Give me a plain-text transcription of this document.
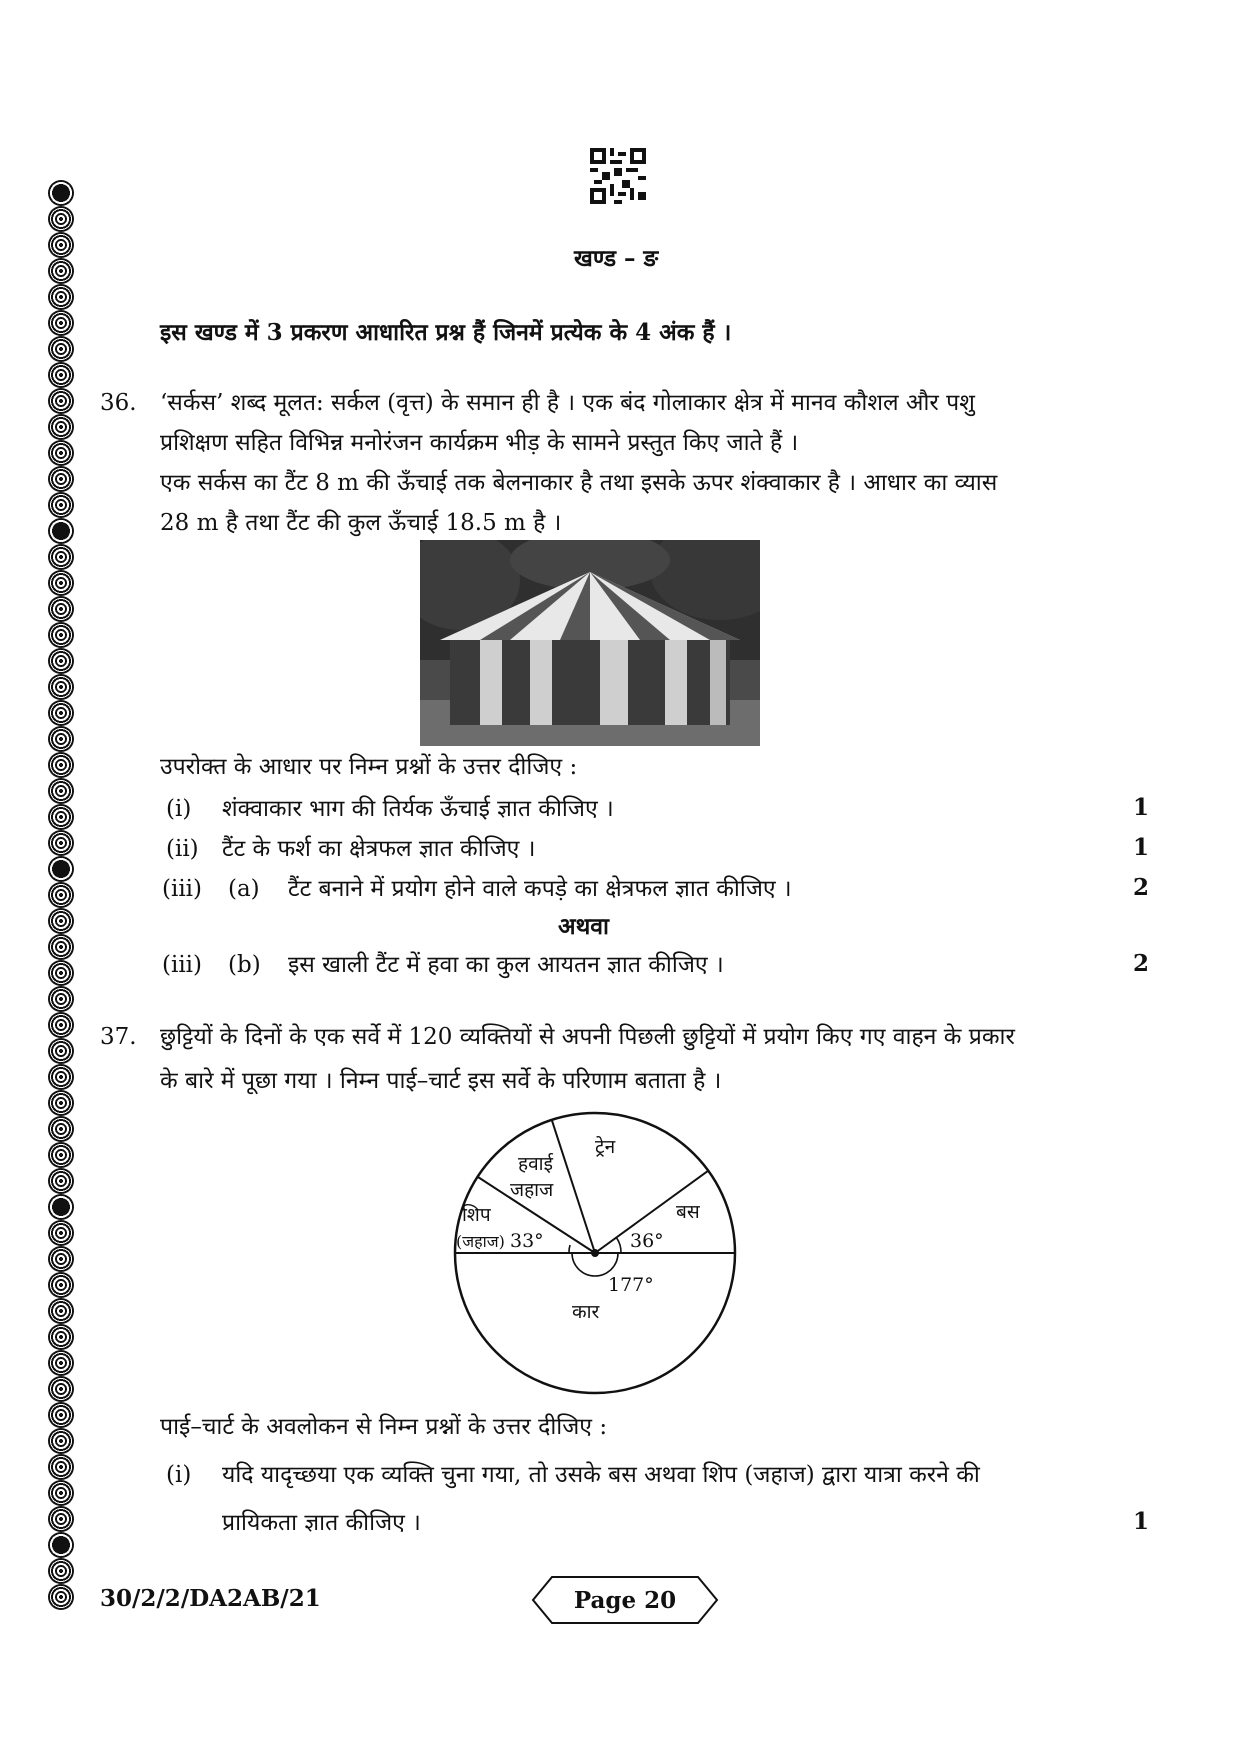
खण्ड – ङ
इस खण्ड में 3 प्रकरण आधारित प्रश्न हैं जिनमें प्रत्येक के 4 अंक हैं ।
36. ‘सर्कस’ शब्द मूलत: सर्कल (वृत्त) के समान ही है । एक बंद गोलाकार क्षेत्र में मानव कौशल और पशु
प्रशिक्षण सहित विभिन्न मनोरंजन कार्यक्रम भीड़ के सामने प्रस्तुत किए जाते हैं ।
एक सर्कस का टैंट 8 m की ऊँचाई तक बेलनाकार है तथा इसके ऊपर शंक्वाकार है । आधार का व्यास
28 m है तथा टैंट की कुल ऊँचाई 18.5 m है ।
उपरोक्त के आधार पर निम्न प्रश्नों के उत्तर दीजिए :
(i) शंक्वाकार भाग की तिर्यक ऊँचाई ज्ञात कीजिए ।	1
(ii) टैंट के फर्श का क्षेत्रफल ज्ञात कीजिए ।	1
(iii) (a) टैंट बनाने में प्रयोग होने वाले कपड़े का क्षेत्रफल ज्ञात कीजिए ।	2
अथवा
(iii) (b) इस खाली टैंट में हवा का कुल आयतन ज्ञात कीजिए ।	2
37. छुट्टियों के दिनों के एक सर्वे में 120 व्यक्तियों से अपनी पिछली छुट्टियों में प्रयोग किए गए वाहन के प्रकार
के बारे में पूछा गया । निम्न पाई–चार्ट इस सर्वे के परिणाम बताता है ।
हवाई
जहाज
ट्रेन
शिप
(जहाज) 33°
बस
36°
177°
कार
पाई–चार्ट के अवलोकन से निम्न प्रश्नों के उत्तर दीजिए :
(i) यदि यादृच्छया एक व्यक्ति चुना गया, तो उसके बस अथवा शिप (जहाज) द्वारा यात्रा करने की
प्रायिकता ज्ञात कीजिए ।	1
30/2/2/DA2AB/21	Page 20
